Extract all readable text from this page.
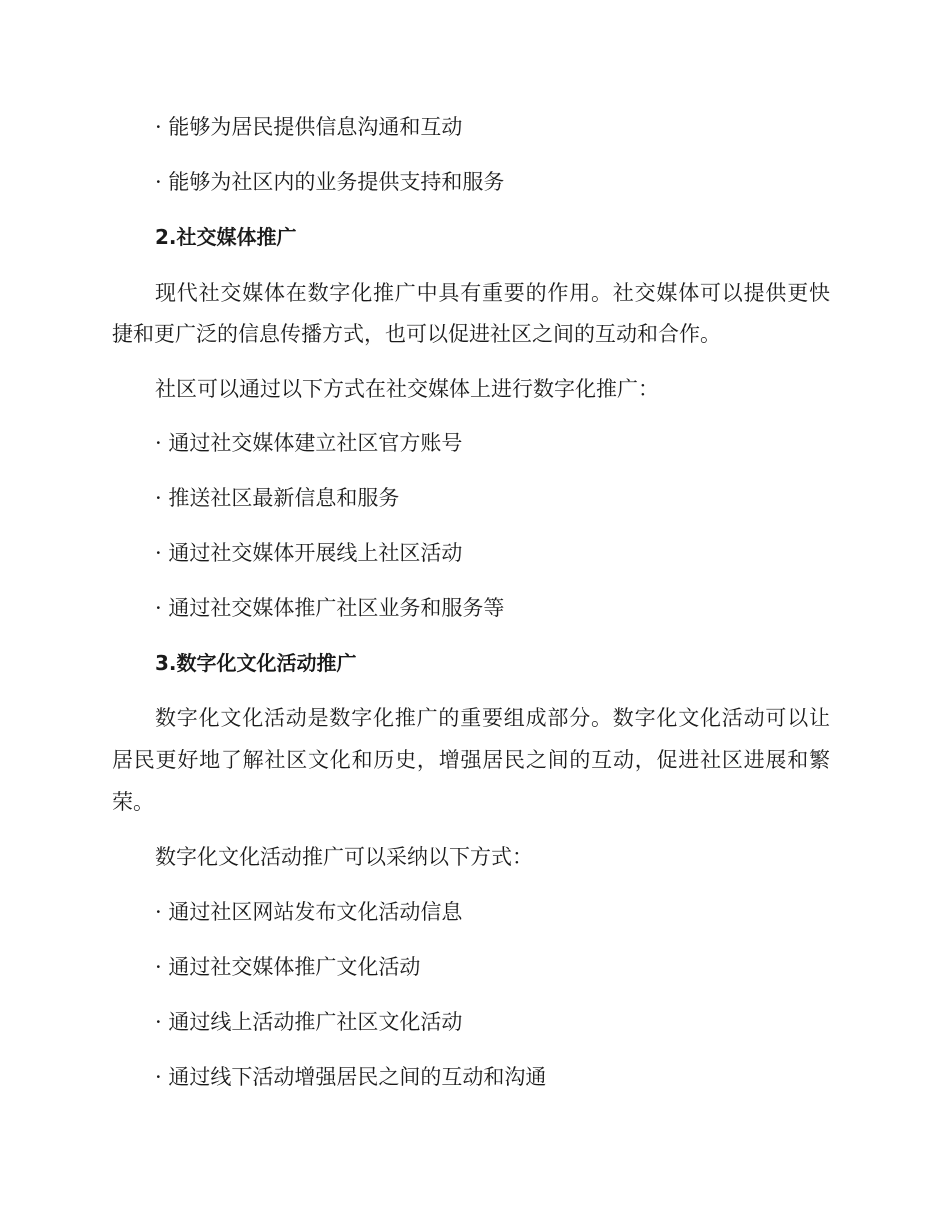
· 能够为居民提供信息沟通和互动
· 能够为社区内的业务提供支持和服务
2.社交媒体推广
现代社交媒体在数字化推广中具有重要的作用。社交媒体可以提供更快
捷和更广泛的信息传播方式，也可以促进社区之间的互动和合作。
社区可以通过以下方式在社交媒体上进行数字化推广：
· 通过社交媒体建立社区官方账号
· 推送社区最新信息和服务
· 通过社交媒体开展线上社区活动
· 通过社交媒体推广社区业务和服务等
3.数字化文化活动推广
数字化文化活动是数字化推广的重要组成部分。数字化文化活动可以让
居民更好地了解社区文化和历史，增强居民之间的互动，促进社区进展和繁
荣。
数字化文化活动推广可以采纳以下方式：
· 通过社区网站发布文化活动信息
· 通过社交媒体推广文化活动
· 通过线上活动推广社区文化活动
· 通过线下活动增强居民之间的互动和沟通
